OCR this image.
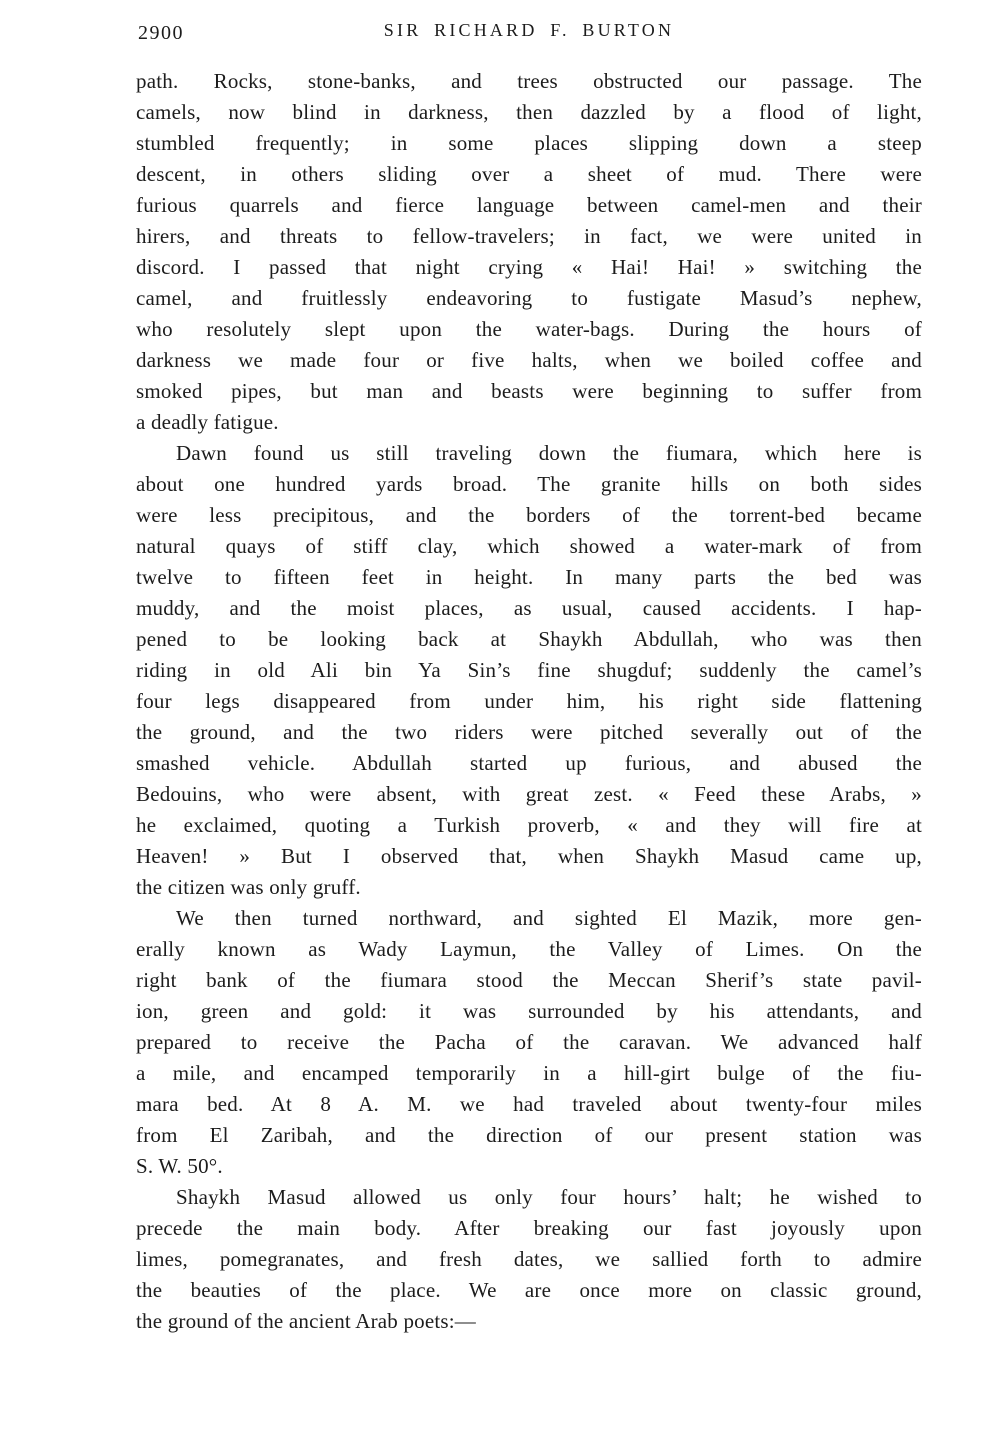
2900	SIR RICHARD F. BURTON
path. Rocks, stone-banks, and trees obstructed our passage. The
camels, now blind in darkness, then dazzled by a flood of light,
stumbled frequently; in some places slipping down a steep
descent, in others sliding over a sheet of mud. There were
furious quarrels and fierce language between camel-men and their
hirers, and threats to fellow-travelers; in fact, we were united in
discord. I passed that night crying « Hai! Hai! » switching the
camel, and fruitlessly endeavoring to fustigate Masud’s nephew,
who resolutely slept upon the water-bags. During the hours of
darkness we made four or five halts, when we boiled coffee and
smoked pipes, but man and beasts were beginning to suffer from
a deadly fatigue.
Dawn found us still traveling down the fiumara, which here is
about one hundred yards broad. The granite hills on both sides
were less precipitous, and the borders of the torrent-bed became
natural quays of stiff clay, which showed a water-mark of from
twelve to fifteen feet in height. In many parts the bed was
muddy, and the moist places, as usual, caused accidents. I hap-
pened to be looking back at Shaykh Abdullah, who was then
riding in old Ali bin Ya Sin’s fine shugduf; suddenly the camel’s
four legs disappeared from under him, his right side flattening
the ground, and the two riders were pitched severally out of the
smashed vehicle. Abdullah started up furious, and abused the
Bedouins, who were absent, with great zest. « Feed these Arabs, »
he exclaimed, quoting a Turkish proverb, « and they will fire at
Heaven! » But I observed that, when Shaykh Masud came up,
the citizen was only gruff.
We then turned northward, and sighted El Mazik, more gen-
erally known as Wady Laymun, the Valley of Limes. On the
right bank of the fiumara stood the Meccan Sherif’s state pavil-
ion, green and gold: it was surrounded by his attendants, and
prepared to receive the Pacha of the caravan. We advanced half
a mile, and encamped temporarily in a hill-girt bulge of the fiu-
mara bed. At 8 A. M. we had traveled about twenty-four miles
from El Zaribah, and the direction of our present station was
S. W. 50°.
Shaykh Masud allowed us only four hours’ halt; he wished to
precede the main body. After breaking our fast joyously upon
limes, pomegranates, and fresh dates, we sallied forth to admire
the beauties of the place. We are once more on classic ground,
the ground of the ancient Arab poets:—
